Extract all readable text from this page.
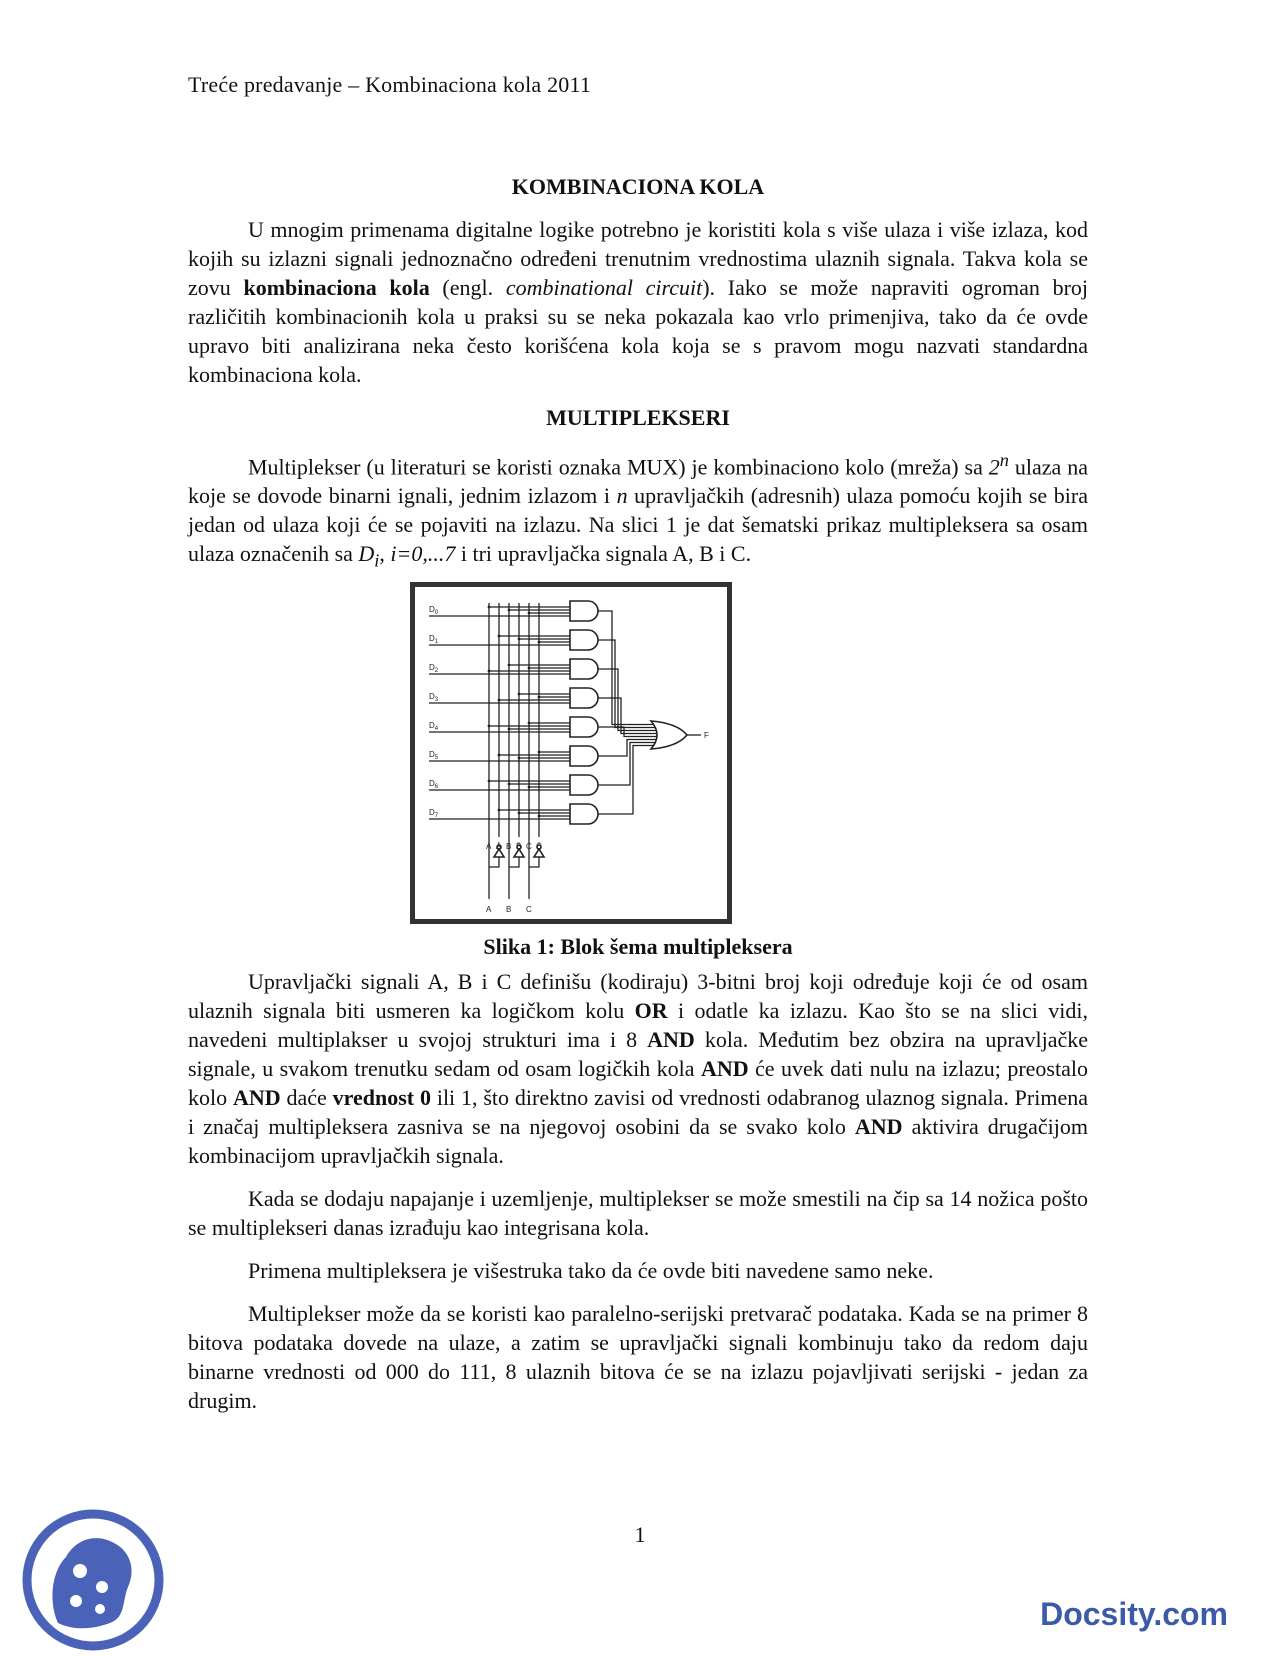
Treće predavanje – Kombinaciona kola 2011
KOMBINACIONA KOLA

U mnogim primenama digitalne logike potrebno je koristiti kola s više ulaza i više izlaza, kod kojih su izlazni signali jednoznačno određeni trenutnim vrednostima ulaznih signala. Takva kola se zovu kombinaciona kola (engl. combinational circuit). Iako se može napraviti ogroman broj različitih kombinacionih kola u praksi su se neka pokazala kao vrlo primenjiva, tako da će ovde upravo biti analizirana neka često korišćena kola koja se s pravom mogu nazvati standardna kombinaciona kola.

MULTIPLEKSERI

Multiplekser (u literaturi se koristi oznaka MUX) je kombinaciono kolo (mreža) sa 2$^n$ ulaza na koje se dovode binarni ignali, jednim izlazom i n upravljačkih (adresnih) ulaza pomoću kojih se bira jedan od ulaza koji će se pojaviti na izlazu. Na slici 1 je dat šematski prikaz multipleksera sa osam ulaza označenih sa $D_i$, i=0,...7 i tri upravljačka signala A, B i C.

$D_0$
$D_1$
$D_2$
$D_3$
$D_4$
$D_5$
$D_6$
$D_7$
F
A Ā B B̄ C C̄
A B C
Slika 1: Blok šema multipleksera

Upravljački signali A, B i C definišu (kodiraju) 3-bitni broj koji određuje koji će od osam ulaznih signala biti usmeren ka logičkom kolu OR i odatle ka izlazu. Kao što se na slici vidi, navedeni multiplakser u svojoj strukturi ima i 8 AND kola. Međutim bez obzira na upravljačke signale, u svakom trenutku sedam od osam logičkih kola AND će uvek dati nulu na izlazu; preostalo kolo AND daće vrednost 0 ili 1, što direktno zavisi od vrednosti odabranog ulaznog signala. Primena i značaj multipleksera zasniva se na njegovoj osobini da se svako kolo AND aktivira drugačijom kombinacijom upravljačkih signala.

Kada se dodaju napajanje i uzemljenje, multiplekser se može smestili na čip sa 14 nožica pošto se multiplekseri danas izrađuju kao integrisana kola.

Primena multipleksera je višestruka tako da će ovde biti navedene samo neke.

Multiplekser može da se koristi kao paralelno-serijski pretvarač podataka. Kada se na primer 8 bitova podataka dovede na ulaze, a zatim se upravljački signali kombinuju tako da redom daju binarne vrednosti od 000 do 111, 8 ulaznih bitova će se na izlazu pojavljivati serijski - jedan za drugim.

1
Docsity.com
